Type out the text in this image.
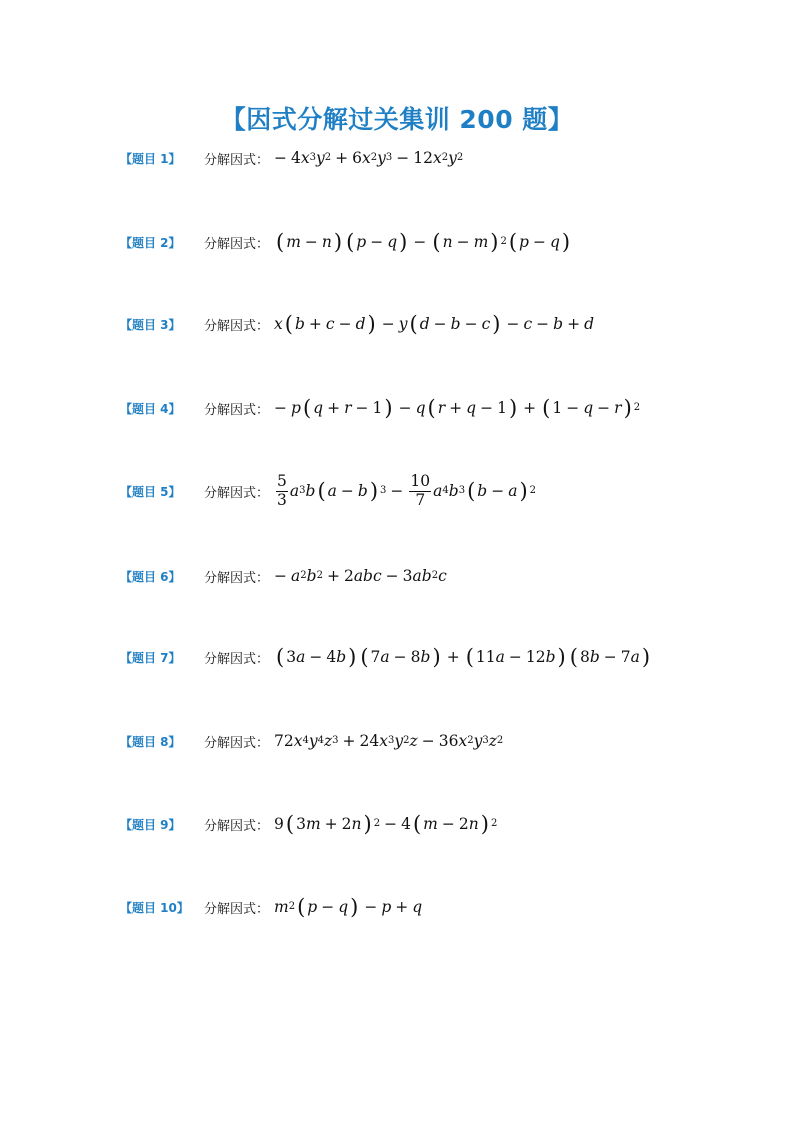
【因式分解过关集训 200 题】
【题目 1】	分解因式： − 4 x 3 y 2 + 6 x 2 y 3 − 12 x 2 y 2
【题目 2】	分解因式： ( m − n ) ( p − q ) − ( n − m ) 2 ( p − q )
【题目 3】	分解因式： x ( b + c − d ) − y ( d − b − c ) − c − b + d
【题目 4】	分解因式： − p ( q + r − 1 ) − q ( r + q − 1 ) + ( 1 − q − r ) 2
【题目 5】	分解因式： $\frac{5}{3}$ a 3 b ( a − b ) $3 - \frac{10}{7}$ a 4 b 3 ( b − a ) 2
【题目 6】	分解因式： − a 2 b 2 + 2 abc − 3 ab 2 c
【题目 7】	分解因式： ( 3 a − 4 b ) ( 7 a − 8 b ) + ( 11 a − 12 b ) ( 8 b − 7 a )
【题目 8】	分解因式： 72 x 4 y 4 z 3 + 24 x 3 y 2 z − 36 x 2 y 3 z 2
【题目 9】	分解因式： 9 ( 3 m + 2 n ) 2 − 4 ( m − 2 n ) 2
【题目 10】	分解因式： m 2 ( p − q ) − p + q
